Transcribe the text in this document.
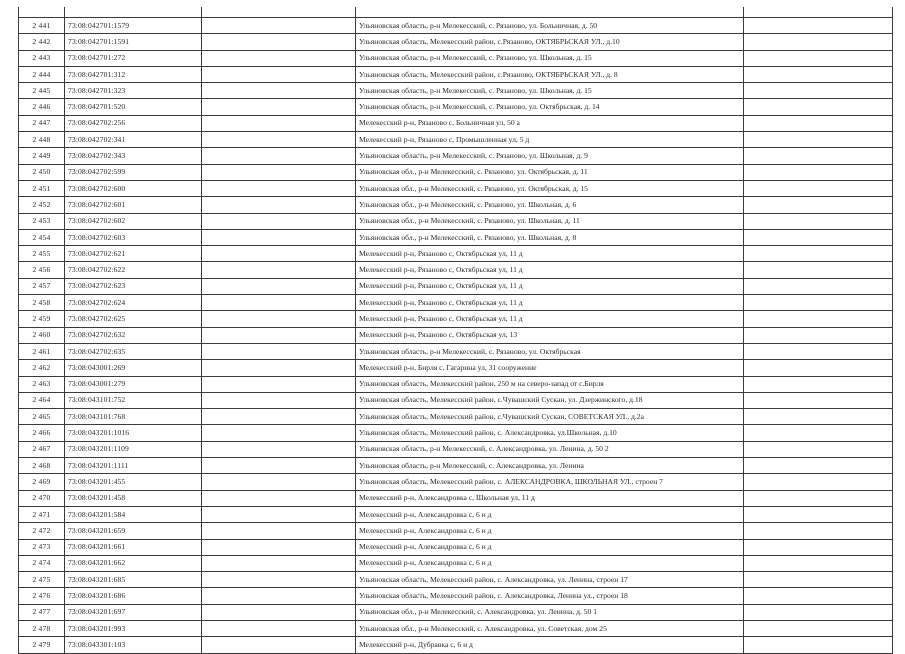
2 441	73:08:042701:1579		Ульяновская область, р-н Мелекесский, с. Рязаново, ул. Больничная, д. 50	
2 442	73:08:042701:1591		Ульяновская область, Мелекесский район, с.Рязаново, ОКТЯБРЬСКАЯ УЛ., д.10	
2 443	73:08:042701:272		Ульяновская область, р-н Мелекесский, с. Рязаново, ул. Школьная, д. 15	
2 444	73:08:042701:312		Ульяновская область, Мелекесский район, с.Рязаново, ОКТЯБРЬСКАЯ УЛ., д. 8	
2 445	73:08:042701:323		Ульяновская область, р-н Мелекесский, с. Рязаново, ул. Школьная, д. 15	
2 446	73:08:042701:520		Ульяновская область, р-н Мелекесский, с. Рязаново, ул. Октябрьская, д. 14	
2 447	73:08:042702:256		Мелекесский р-н, Рязаново с, Больничная ул, 50 а	
2 448	73:08:042702:341		Мелекесский р-н, Рязаново с, Промышленная ул, 5 д	
2 449	73:08:042702:343		Ульяновская область, р-н Мелекесский, с. Рязаново, ул. Школьная, д. 9	
2 450	73:08:042702:599		Ульяновская обл., р-н Мелекесский, с. Рязаново, ул. Октябрьская, д. 11	
2 451	73:08:042702:600		Ульяновская обл., р-н Мелекесский, с. Рязаново, ул. Октябрьская, д. 15	
2 452	73:08:042702:601		Ульяновская обл., р-н Мелекесский, с. Рязаново, ул. Школьная, д. 6	
2 453	73:08:042702:602		Ульяновская обл., р-н Мелекесский, с. Рязаново, ул. Школьная, д. 11	
2 454	73:08:042702:603		Ульяновская обл., р-н Мелекесский, с. Рязаново, ул. Школьная, д. 8	
2 455	73:08:042702:621		Мелекесский р-н, Рязаново с, Октябрьская ул, 11 д	
2 456	73:08:042702:622		Мелекесский р-н, Рязаново с, Октябрьская ул, 11 д	
2 457	73:08:042702:623		Мелекесский р-н, Рязаново с, Октябрьская ул, 11 д	
2 458	73:08:042702:624		Мелекесский р-н, Рязаново с, Октябрьская ул, 11 д	
2 459	73:08:042702:625		Мелекесский р-н, Рязаново с, Октябрьская ул, 11 д	
2 460	73:08:042702:632		Мелекесский р-н, Рязаново с, Октябрьская ул, 13	
2 461	73:08:042702:635		Ульяновская область, р-н Мелекесский, с. Рязаново, ул. Октябрьская	
2 462	73:08:043001:269		Мелекесский р-н, Бирля с, Гагарина ул, 31 сооружение	
2 463	73:08:043001:279		Ульяновская область, Мелекесский район, 250 м на северо-запад от с.Бирля	
2 464	73:08:043101:752		Ульяновская область, Мелекесский район, с.Чувашский Сускан, ул. Дзержинского, д.18	
2 465	73:08:043101:768		Ульяновская область, Мелекесский район, с.Чувашский Сускан, СОВЕТСКАЯ УЛ., д.2а	
2 466	73:08:043201:1016		Ульяновская область, Мелекесский район, с. Александровка, ул.Школьная, д.10	
2 467	73:08:043201:1109		Ульяновская область, р-н Мелекесский, с. Александровка, ул. Ленина, д. 50 2	
2 468	73:08:043201:1111		Ульяновская область, р-н Мелекесский, с. Александровка, ул. Ленина	
2 469	73:08:043201:455		Ульяновская область, Мелекесский район, с. АЛЕКСАНДРОВКА, ШКОЛЬНАЯ УЛ., строен 7	
2 470	73:08:043201:458		Мелекесский р-н, Александровка с, Школьная ул, 11 д	
2 471	73:08:043201:584		Мелекесский р-н, Александровка с, 6 и д	
2 472	73:08:043201:659		Мелекесский р-н, Александровка с, 6 и д	
2 473	73:08:043201:661		Мелекесский р-н, Александровка с, 6 и д	
2 474	73:08:043201:662		Мелекесский р-н, Александровка с, 6 и д	
2 475	73:08:043201:685		Ульяновская область, Мелекесский район, с. Александровка, ул. Ленина, строен 17	
2 476	73:08:043201:686		Ульяновская область, Мелекесский район, с. Александровка, Ленина ул., строен 18	
2 477	73:08:043201:697		Ульяновская обл., р-н Мелекесский, с. Александровка, ул. Ленина, д. 50 1	
2 478	73:08:043201:993		Ульяновская обл., р-н Мелекесский, с. Александровка, ул. Советская, дом 25	
2 479	73:08:043301:103		Мелекесский р-н, Дубравка с, 6 и д	
